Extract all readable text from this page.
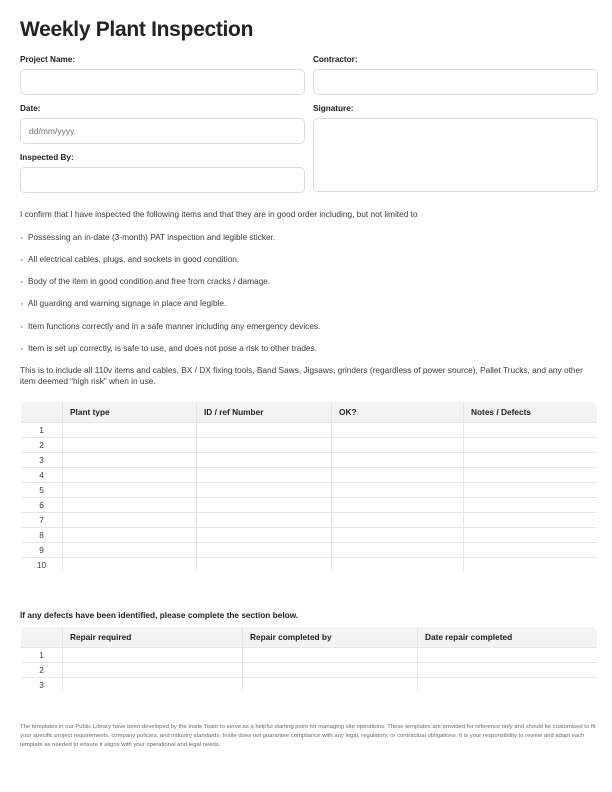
Weekly Plant Inspection
Project Name:
Date:
dd/mm/yyyy
Inspected By:
Contractor:
Signature:

I confirm that I have inspected the following items and that they are in good order including, but not limited to

· Possessing an in-date (3-month) PAT inspection and legible sticker.
· All electrical cables, plugs, and sockets in good condition.
· Body of the item in good condition and free from cracks / damage.
· All guarding and warning signage in place and legible.
· Item functions correctly and in a safe manner including any emergency devices.
· Item is set up correctly, is safe to use, and does not pose a risk to other trades.

This is to include all 110v items and cables, BX / DX fixing tools, Band Saws, Jigsaws, grinders (regardless of power source), Pallet Trucks, and any other item deemed “high risk” when in use.

	Plant type	ID / ref Number	OK?	Notes / Defects
1				
2				
3				
4				
5				
6				
7				
8				
9				
10				

If any defects have been identified, please complete the section below.

	Repair required	Repair completed by	Date repair completed
1			
2			
3			

The templates in our Public Library have been developed by the Insite Team to serve as a helpful starting point for managing site operations. These templates are provided for reference only and should be customised to fit your specific project requirements, company policies, and industry standards. Insite does not guarantee compliance with any legal, regulatory, or contractual obligations. It is your responsibility to review and adapt each template as needed to ensure it aligns with your operational and legal needs.
